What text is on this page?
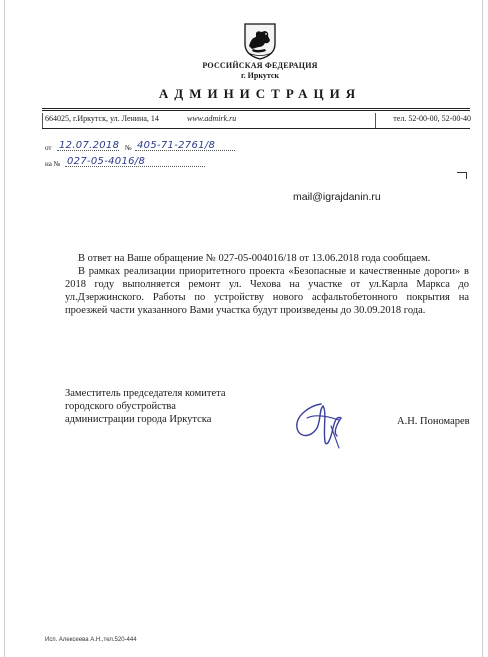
РОССИЙСКАЯ ФЕДЕРАЦИЯ
г. Иркутск
АДМИНИСТРАЦИЯ
664025, г.Иркутск, ул. Ленина, 14	www.admirk.ru	тел. 52-00-00, 52-00-40
от 12.07.2018 № 405-71-2761/8
на № 027-05-4016/8
mail@igrajdanin.ru

В ответ на Ваше обращение № 027-05-004016/18 от 13.06.2018 года сообщаем.

В рамках реализации приоритетного проекта «Безопасные и качественные дороги» в 2018 году выполняется ремонт ул. Чехова на участке от ул.Карла Маркса до ул.Дзержинского. Работы по устройству нового асфальтобетонного покрытия на проезжей части указанного Вами участка будут произведены до 30.09.2018 года.

Заместитель председателя комитета
городского обустройства
администрации города Иркутска	А.Н. Пономарев
Исп. Алексеева А.Н.,тел.520-444
